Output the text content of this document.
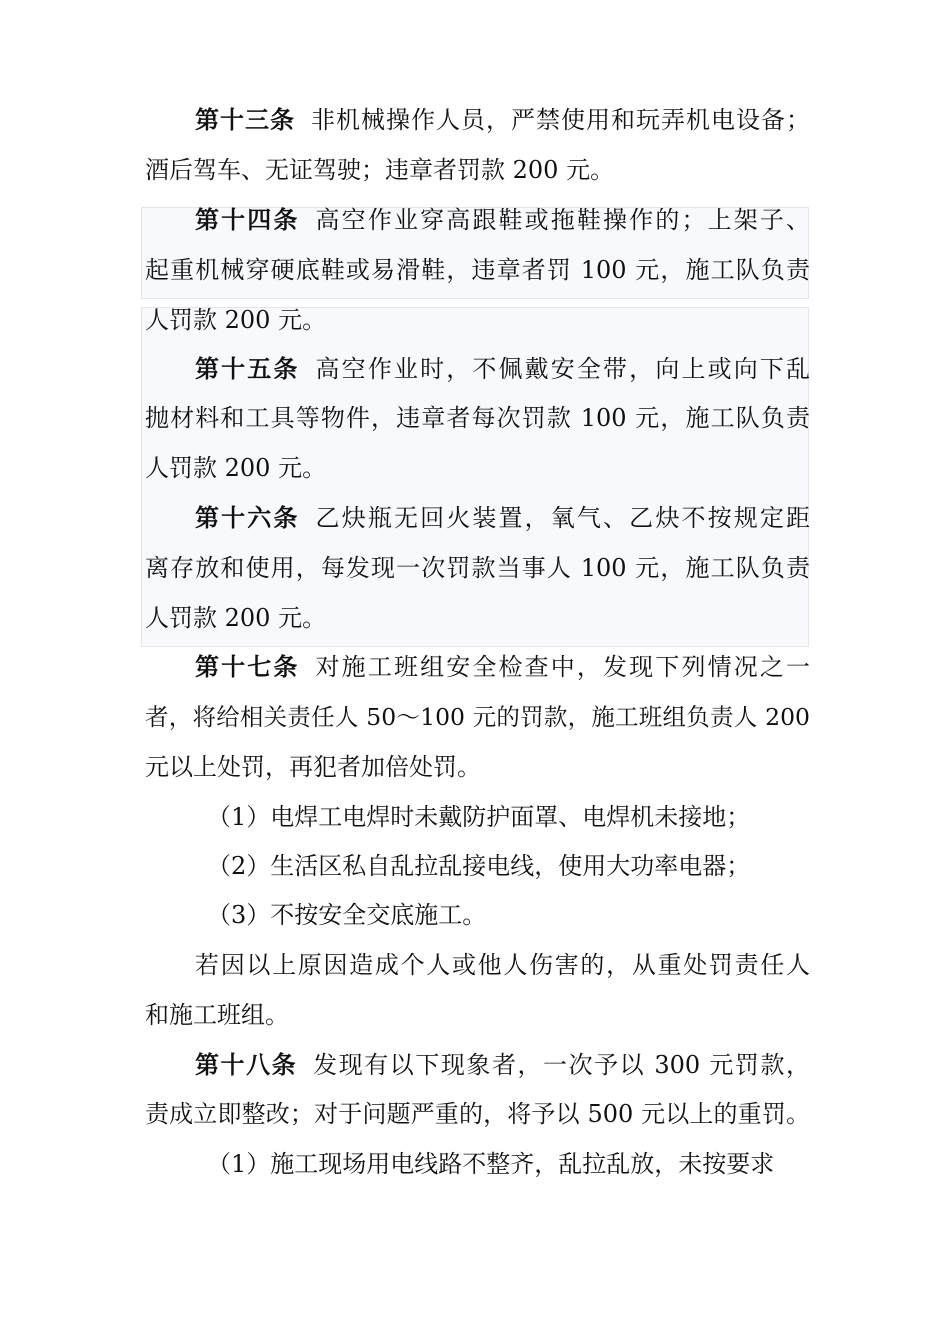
第十三条 非机械操作人员，严禁使用和玩弄机电设备；
酒后驾车、无证驾驶；违章者罚款 200 元。
第十四条 高空作业穿高跟鞋或拖鞋操作的；上架子、
起重机械穿硬底鞋或易滑鞋，违章者罚 100 元，施工队负责
人罚款 200 元。
第十五条 高空作业时，不佩戴安全带，向上或向下乱
抛材料和工具等物件，违章者每次罚款 100 元，施工队负责
人罚款 200 元。
第十六条 乙炔瓶无回火装置，氧气、乙炔不按规定距
离存放和使用，每发现一次罚款当事人 100 元，施工队负责
人罚款 200 元。
第十七条 对施工班组安全检查中，发现下列情况之一
者，将给相关责任人 50～100 元的罚款，施工班组负责人 200
元以上处罚，再犯者加倍处罚。
（1）电焊工电焊时未戴防护面罩、电焊机未接地；
（2）生活区私自乱拉乱接电线，使用大功率电器；
（3）不按安全交底施工。
若因以上原因造成个人或他人伤害的，从重处罚责任人
和施工班组。
第十八条 发现有以下现象者，一次予以 300 元罚款，
责成立即整改；对于问题严重的，将予以 500 元以上的重罚。
（1）施工现场用电线路不整齐，乱拉乱放，未按要求
